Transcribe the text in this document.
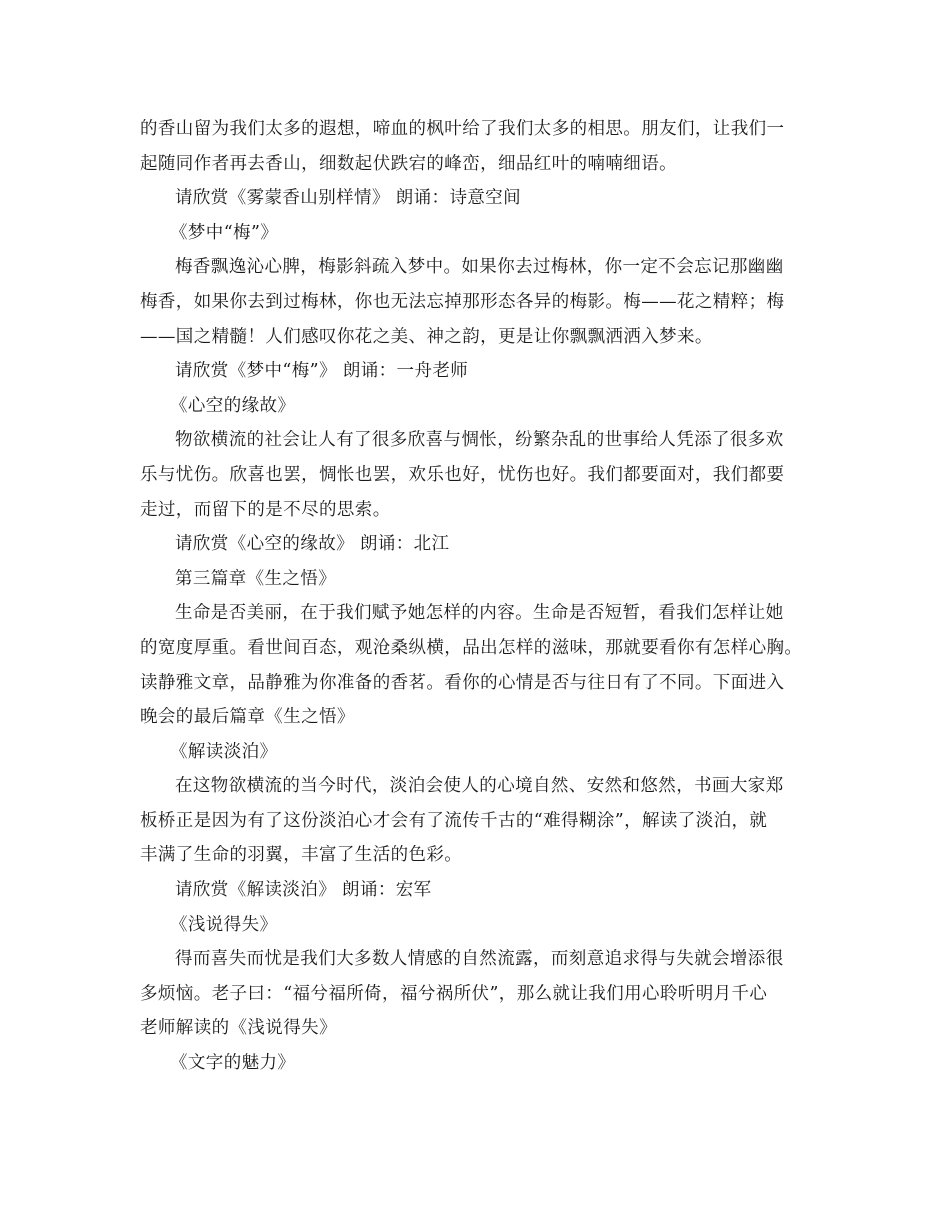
的香山留为我们太多的遐想，啼血的枫叶给了我们太多的相思。朋友们，让我们一
起随同作者再去香山，细数起伏跌宕的峰峦，细品红叶的喃喃细语。
请欣赏《雾蒙香山别样情》 朗诵：诗意空间
《梦中“梅”》
梅香飘逸沁心脾，梅影斜疏入梦中。如果你去过梅林，你一定不会忘记那幽幽
梅香，如果你去到过梅林，你也无法忘掉那形态各异的梅影。梅——花之精粹；梅
——国之精髓！人们感叹你花之美、神之韵，更是让你飘飘洒洒入梦来。
请欣赏《梦中“梅”》 朗诵：一舟老师
《心空的缘故》
物欲横流的社会让人有了很多欣喜与惆怅，纷繁杂乱的世事给人凭添了很多欢
乐与忧伤。欣喜也罢，惆怅也罢，欢乐也好，忧伤也好。我们都要面对，我们都要
走过，而留下的是不尽的思索。
请欣赏《心空的缘故》 朗诵：北江
第三篇章《生之悟》
生命是否美丽，在于我们赋予她怎样的内容。生命是否短暂，看我们怎样让她
的宽度厚重。看世间百态，观沧桑纵横，品出怎样的滋味，那就要看你有怎样心胸。
读静雅文章，品静雅为你准备的香茗。看你的心情是否与往日有了不同。下面进入
晚会的最后篇章《生之悟》
《解读淡泊》
在这物欲横流的当今时代，淡泊会使人的心境自然、安然和悠然，书画大家郑
板桥正是因为有了这份淡泊心才会有了流传千古的“难得糊涂”，解读了淡泊，就
丰满了生命的羽翼，丰富了生活的色彩。
请欣赏《解读淡泊》 朗诵：宏军
《浅说得失》
得而喜失而忧是我们大多数人情感的自然流露，而刻意追求得与失就会增添很
多烦恼。老子曰：“福兮福所倚，福兮祸所伏”，那么就让我们用心聆听明月千心
老师解读的《浅说得失》
《文字的魅力》
